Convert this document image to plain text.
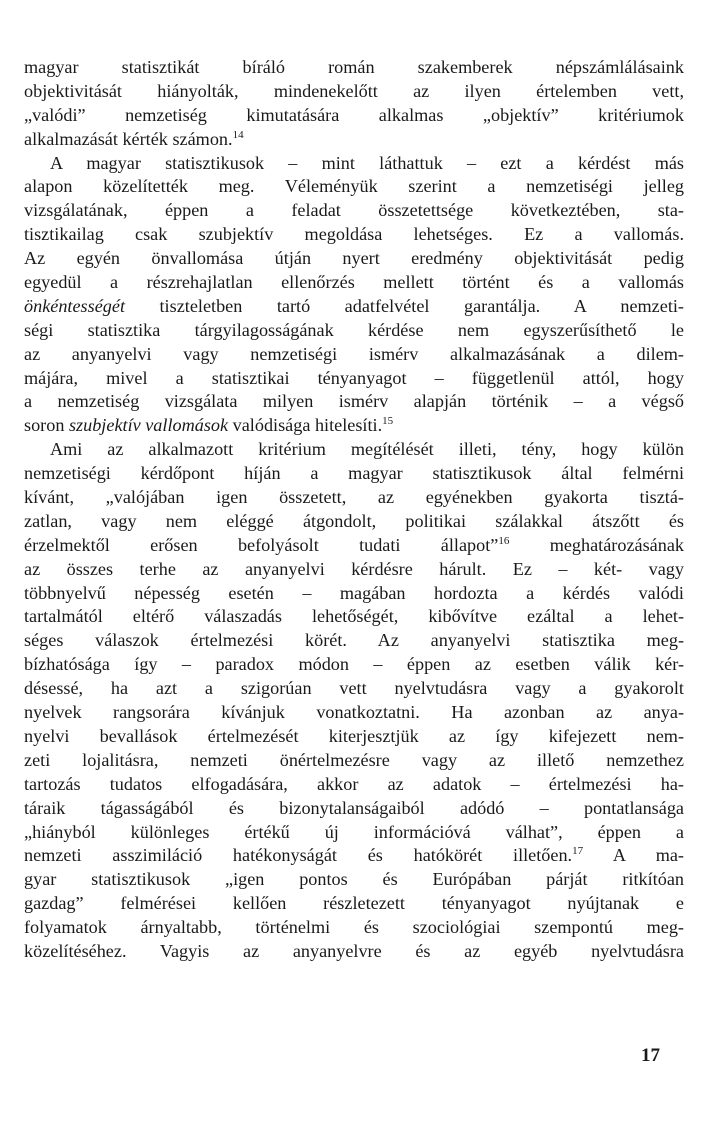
magyar statisztikát bíráló román szakemberek népszámlálásaink
objektivitását hiányolták, mindenekelőtt az ilyen értelemben vett,
„valódi” nemzetiség kimutatására alkalmas „objektív” kritériumok
alkalmazását kérték számon.$^{14}$
A magyar statisztikusok – mint láthattuk – ezt a kérdést más
alapon közelítették meg. Véleményük szerint a nemzetiségi jelleg
vizsgálatának, éppen a feladat összetettsége következtében, sta-
tisztikailag csak szubjektív megoldása lehetséges. Ez a vallomás.
Az egyén önvallomása útján nyert eredmény objektivitását pedig
egyedül a részrehajlatlan ellenőrzés mellett történt és a vallomás
önkéntességét tiszteletben tartó adatfelvétel garantálja. A nemzeti-
ségi statisztika tárgyilagosságának kérdése nem egyszerűsíthető le
az anyanyelvi vagy nemzetiségi ismérv alkalmazásának a dilem-
májára, mivel a statisztikai tényanyagot – függetlenül attól, hogy
a nemzetiség vizsgálata milyen ismérv alapján történik – a végső
soron szubjektív vallomások valódisága hitelesíti.$^{15}$
Ami az alkalmazott kritérium megítélését illeti, tény, hogy külön
nemzetiségi kérdőpont híján a magyar statisztikusok által felmérni
kívánt, „valójában igen összetett, az egyénekben gyakorta tisztá-
zatlan, vagy nem eléggé átgondolt, politikai szálakkal átszőtt és
érzelmektől erősen befolyásolt tudati állapot”$^{16}$ meghatározásának
az összes terhe az anyanyelvi kérdésre hárult. Ez – két- vagy
többnyelvű népesség esetén – magában hordozta a kérdés valódi
tartalmától eltérő válaszadás lehetőségét, kibővítve ezáltal a lehet-
séges válaszok értelmezési körét. Az anyanyelvi statisztika meg-
bízhatósága így – paradox módon – éppen az esetben válik kér-
désessé, ha azt a szigorúan vett nyelvtudásra vagy a gyakorolt
nyelvek rangsorára kívánjuk vonatkoztatni. Ha azonban az anya-
nyelvi bevallások értelmezését kiterjesztjük az így kifejezett nem-
zeti lojalitásra, nemzeti önértelmezésre vagy az illető nemzethez
tartozás tudatos elfogadására, akkor az adatok – értelmezési ha-
táraik tágasságából és bizonytalanságaiból adódó – pontatlansága
„hiányból különleges értékű új információvá válhat”, éppen a
nemzeti asszimiláció hatékonyságát és hatókörét illetően.$^{17}$ A ma-
gyar statisztikusok „igen pontos és Európában párját ritkítóan
gazdag” felmérései kellően részletezett tényanyagot nyújtanak e
folyamatok árnyaltabb, történelmi és szociológiai szempontú meg-
közelítéséhez. Vagyis az anyanyelvre és az egyéb nyelvtudásra
17
